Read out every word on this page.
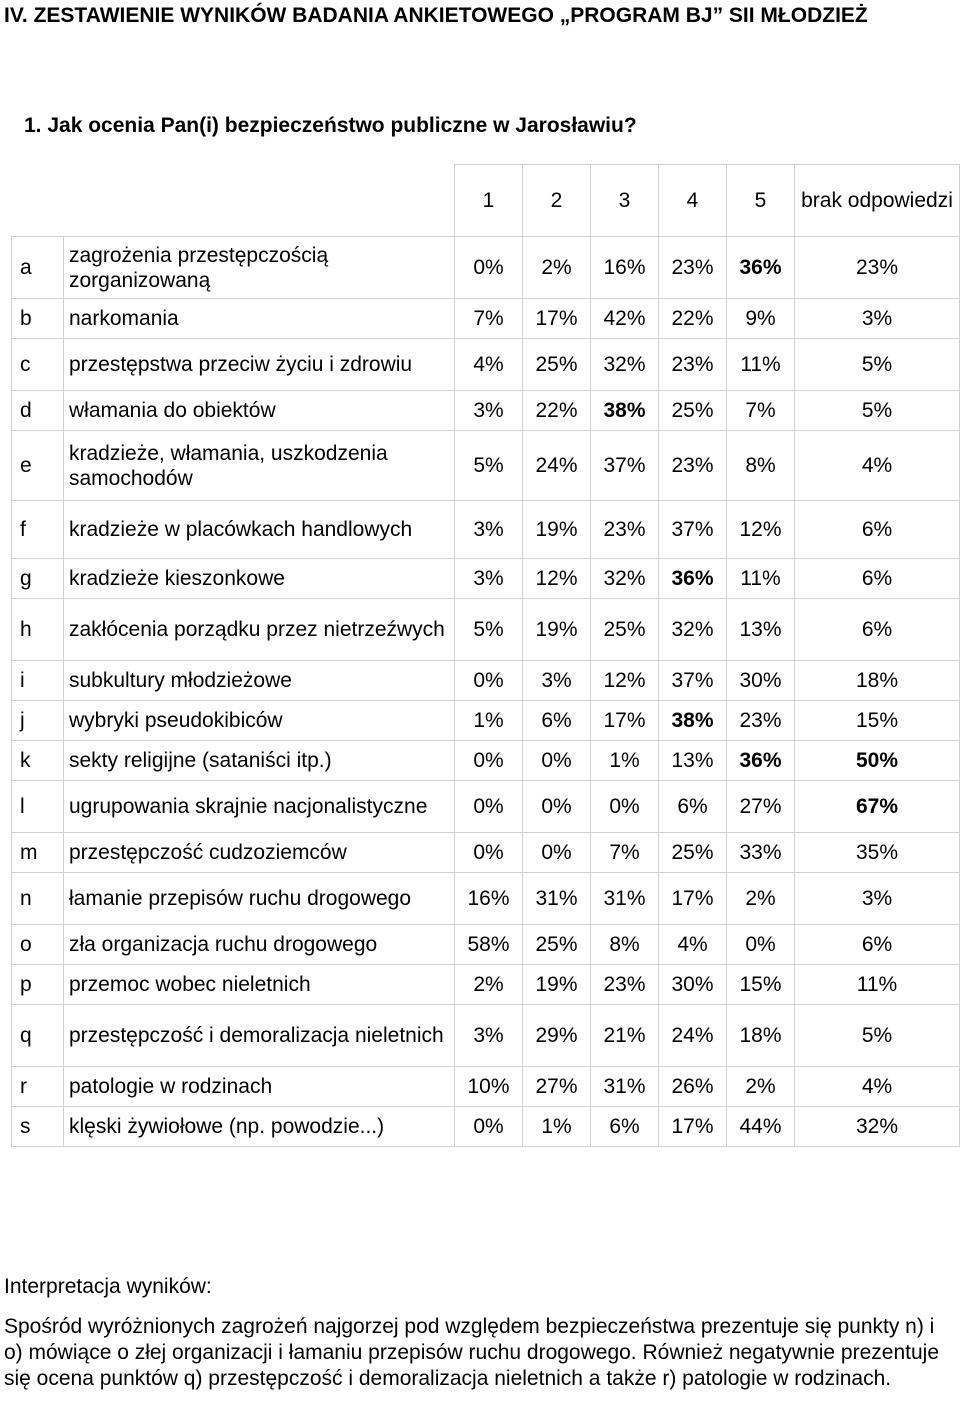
IV. ZESTAWIENIE WYNIKÓW BADANIA ANKIETOWEGO „PROGRAM BJ” SII MŁODZIEŻ
1. Jak ocenia Pan(i) bezpieczeństwo publiczne w Jarosławiu?
		1	2	3	4	5	brak odpowiedzi
a	zagrożenia przestępczością zorganizowaną	0%	2%	16%	23%	36%	23%
b	narkomania	7%	17%	42%	22%	9%	3%
c	przestępstwa przeciw życiu i zdrowiu	4%	25%	32%	23%	11%	5%
d	włamania do obiektów	3%	22%	38%	25%	7%	5%
e	kradzieże, włamania, uszkodzenia samochodów	5%	24%	37%	23%	8%	4%
f	kradzieże w placówkach handlowych	3%	19%	23%	37%	12%	6%
g	kradzieże kieszonkowe	3%	12%	32%	36%	11%	6%
h	zakłócenia porządku przez nietrzeźwych	5%	19%	25%	32%	13%	6%
i	subkultury młodzieżowe	0%	3%	12%	37%	30%	18%
j	wybryki pseudokibiców	1%	6%	17%	38%	23%	15%
k	sekty religijne (sataniści itp.)	0%	0%	1%	13%	36%	50%
l	ugrupowania skrajnie nacjonalistyczne	0%	0%	0%	6%	27%	67%
m	przestępczość cudzoziemców	0%	0%	7%	25%	33%	35%
n	łamanie przepisów ruchu drogowego	16%	31%	31%	17%	2%	3%
o	zła organizacja ruchu drogowego	58%	25%	8%	4%	0%	6%
p	przemoc wobec nieletnich	2%	19%	23%	30%	15%	11%
q	przestępczość i demoralizacja nieletnich	3%	29%	21%	24%	18%	5%
r	patologie w rodzinach	10%	27%	31%	26%	2%	4%
s	klęski żywiołowe (np. powodzie...)	0%	1%	6%	17%	44%	32%

Interpretacja wyników:

Spośród wyróżnionych zagrożeń najgorzej pod względem bezpieczeństwa prezentuje się punkty n) i o) mówiące o złej organizacji i łamaniu przepisów ruchu drogowego. Również negatywnie prezentuje się ocena punktów q) przestępczość i demoralizacja nieletnich a także r) patologie w rodzinach.
